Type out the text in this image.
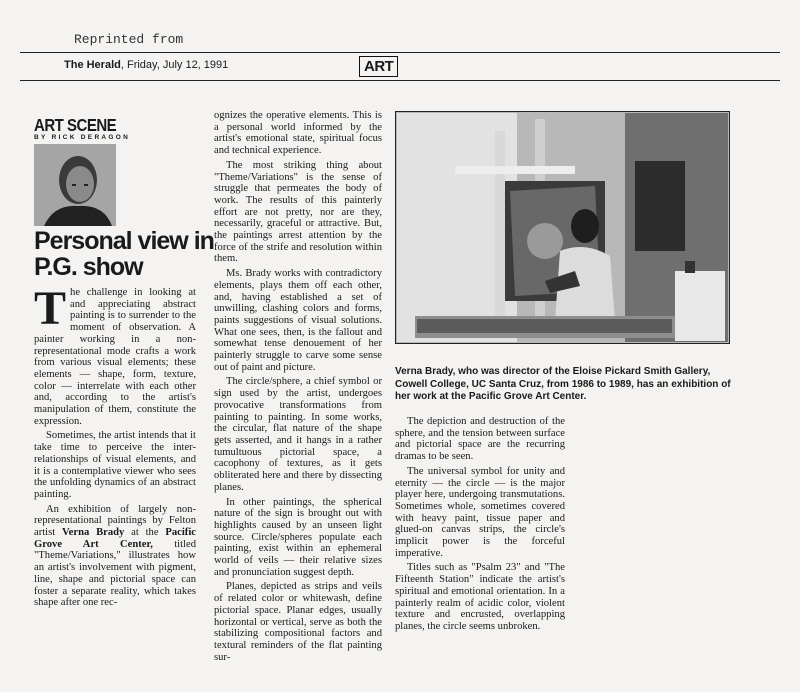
Reprinted from
The Herald, Friday, July 12, 1991	ART
ART SCENE
BY RICK DERAGON
Personal view in P.G. show

The challenge in looking at and appreciating abstract painting is to surrender to the moment of observation. A painter working in a non-representational mode crafts a work from various visual elements; these elements — shape, form, texture, color — interrelate with each other and, according to the artist's manipulation of them, constitute the expression.

Sometimes, the artist intends that it take time to perceive the inter-relationships of visual elements, and it is a contemplative viewer who sees the unfolding dynamics of an abstract painting.

An exhibition of largely non-representational paintings by Felton artist Verna Brady at the Pacific Grove Art Center, titled "Theme/Variations," illustrates how an artist's involvement with pigment, line, shape and pictorial space can foster a separate reality, which takes shape after one rec-

ognizes the operative elements. This is a personal world informed by the artist's emotional state, spiritual focus and technical experience.

The most striking thing about "Theme/Variations" is the sense of struggle that permeates the body of work. The results of this painterly effort are not pretty, nor are they, necessarily, graceful or attractive. But, the paintings arrest attention by the force of the strife and resolution within them.

Ms. Brady works with contradictory elements, plays them off each other, and, having established a set of unwilling, clashing colors and forms, paints suggestions of visual solutions. What one sees, then, is the fallout and somewhat tense denouement of her painterly struggle to carve some sense out of paint and picture.

The circle/sphere, a chief symbol or sign used by the artist, undergoes provocative transformations from painting to painting. In some works, the circular, flat nature of the shape gets asserted, and it hangs in a rather tumultuous pictorial space, a cacophony of textures, as it gets obliterated here and there by dissecting planes.

In other paintings, the spherical nature of the sign is brought out with highlights caused by an unseen light source. Circle/spheres populate each painting, exist within an ephemeral world of veils — their relative sizes and pronunciation suggest depth.

Planes, depicted as strips and veils of related color or whitewash, define pictorial space. Planar edges, usually horizontal or vertical, serve as both the stabilizing compositional factors and textural reminders of the flat painting sur-

Verna Brady, who was director of the Eloise Pickard Smith Gallery, Cowell College, UC Santa Cruz, from 1986 to 1989, has an exhibition of her work at the Pacific Grove Art Center.

The depiction and destruction of the sphere, and the tension between surface and pictorial space are the recurring dramas to be seen.

The universal symbol for unity and eternity — the circle — is the major player here, undergoing transmutations. Sometimes whole, sometimes covered with heavy paint, tissue paper and glued-on canvas strips, the circle's implicit power is the forceful imperative.

Titles such as "Psalm 23" and "The Fifteenth Station" indicate the artist's spiritual and emotional orientation. In a painterly realm of acidic color, violent texture and encrusted, overlapping planes, the circle seems unbroken.
